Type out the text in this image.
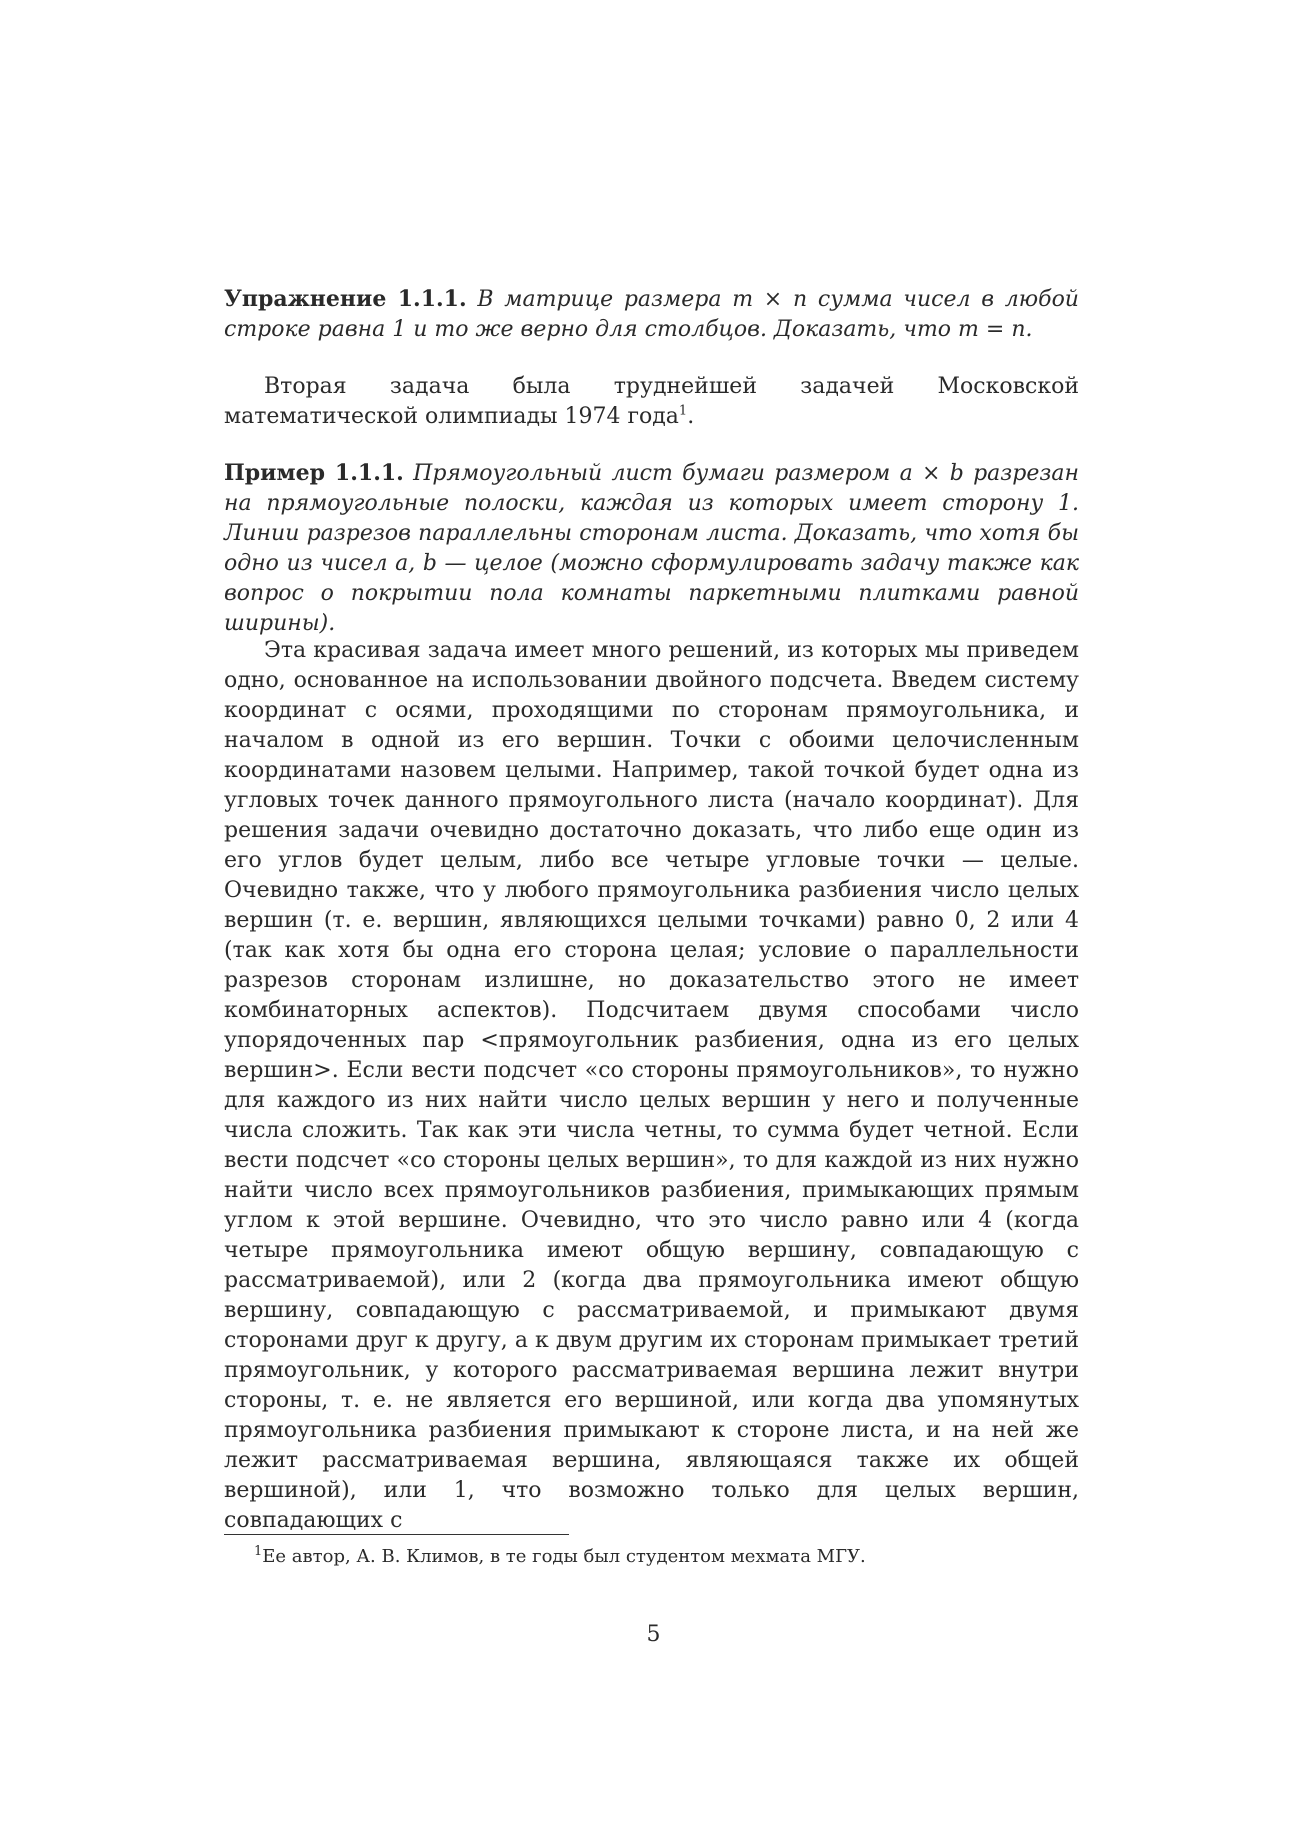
Упражнение 1.1.1. В матрице размера m × n сумма чисел в любой строке равна 1 и то же верно для столбцов. Доказать, что m = n.
Вторая задача была труднейшей задачей Московской математической олимпиады 1974 года$^1$.
Пример 1.1.1. Прямоугольный лист бумаги размером a × b разрезан на прямоугольные полоски, каждая из которых имеет сторону 1. Линии разрезов параллельны сторонам листа. Доказать, что хотя бы одно из чисел a, b — целое (можно сформулировать задачу также как вопрос о покрытии пола комнаты паркетными плитками равной ширины).
Эта красивая задача имеет много решений, из которых мы приведем одно, основанное на использовании двойного подсчета. Введем систему координат с осями, проходящими по сторонам прямоугольника, и началом в одной из его вершин. Точки с обоими целочисленным координатами назовем целыми. Например, такой точкой будет одна из угловых точек данного прямоугольного листа (начало координат). Для решения задачи очевидно достаточно доказать, что либо еще один из его углов будет целым, либо все четыре угловые точки — целые. Очевидно также, что у любого прямоугольника разбиения число целых вершин (т. е. вершин, являющихся целыми точками) равно 0, 2 или 4 (так как хотя бы одна его сторона целая; условие о параллельности разрезов сторонам излишне, но доказательство этого не имеет комбинаторных аспектов). Подсчитаем двумя способами число упорядоченных пар <прямоугольник разбиения, одна из его целых вершин>. Если вести подсчет «со стороны прямоугольников», то нужно для каждого из них найти число целых вершин у него и полученные числа сложить. Так как эти числа четны, то сумма будет четной. Если вести подсчет «со стороны целых вершин», то для каждой из них нужно найти число всех прямоугольников разбиения, примыкающих прямым углом к этой вершине. Очевидно, что это число равно или 4 (когда четыре прямоугольника имеют общую вершину, совпадающую с рассматриваемой), или 2 (когда два прямоугольника имеют общую вершину, совпадающую с рассматриваемой, и примыкают двумя сторонами друг к другу, а к двум другим их сторонам примыкает третий прямоугольник, у которого рассматриваемая вершина лежит внутри стороны, т. е. не является его вершиной, или когда два упомянутых прямоугольника разбиения примыкают к стороне листа, и на ней же лежит рассматриваемая вершина, являющаяся также их общей вершиной), или 1, что возможно только для целых вершин, совпадающих с
$^1$Ее автор, А. В. Климов, в те годы был студентом мехмата МГУ.
5
